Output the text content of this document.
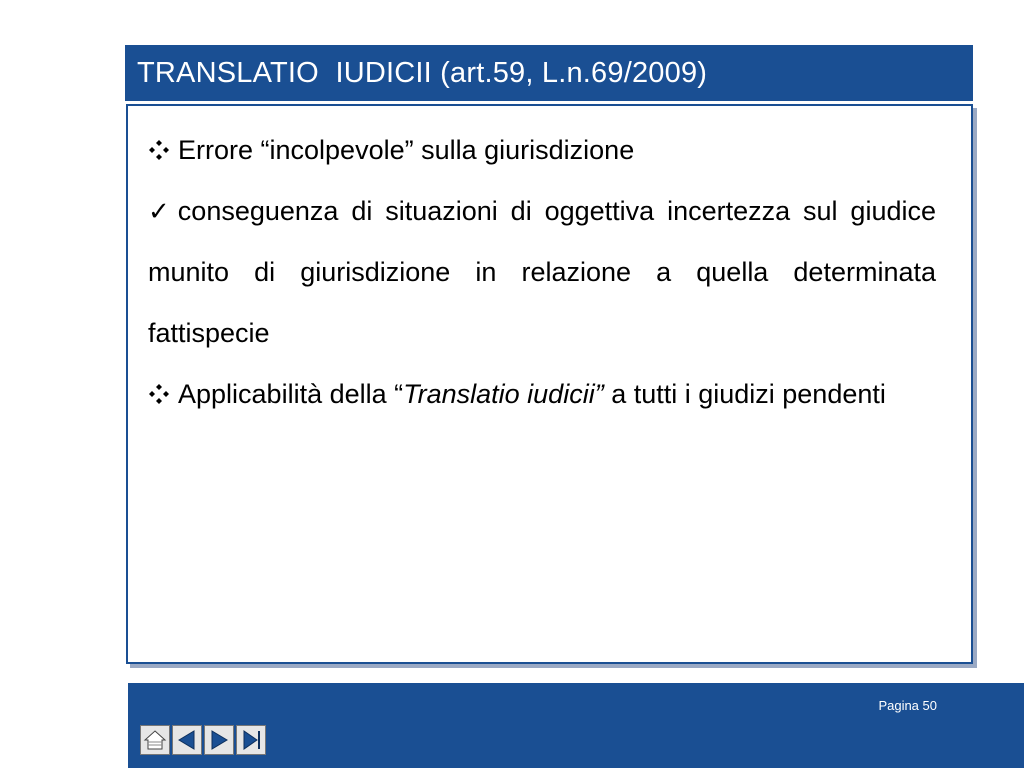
TRANSLATIO  IUDICII (art.59, L.n.69/2009)

Errore “incolpevole” sulla giurisdizione

✓ conseguenza di situazioni di oggettiva incertezza sul giudice munito di giurisdizione in relazione a quella determinata fattispecie

Applicabilità della “Translatio iudicii” a tutti i giudizi pendenti

Pagina 50
